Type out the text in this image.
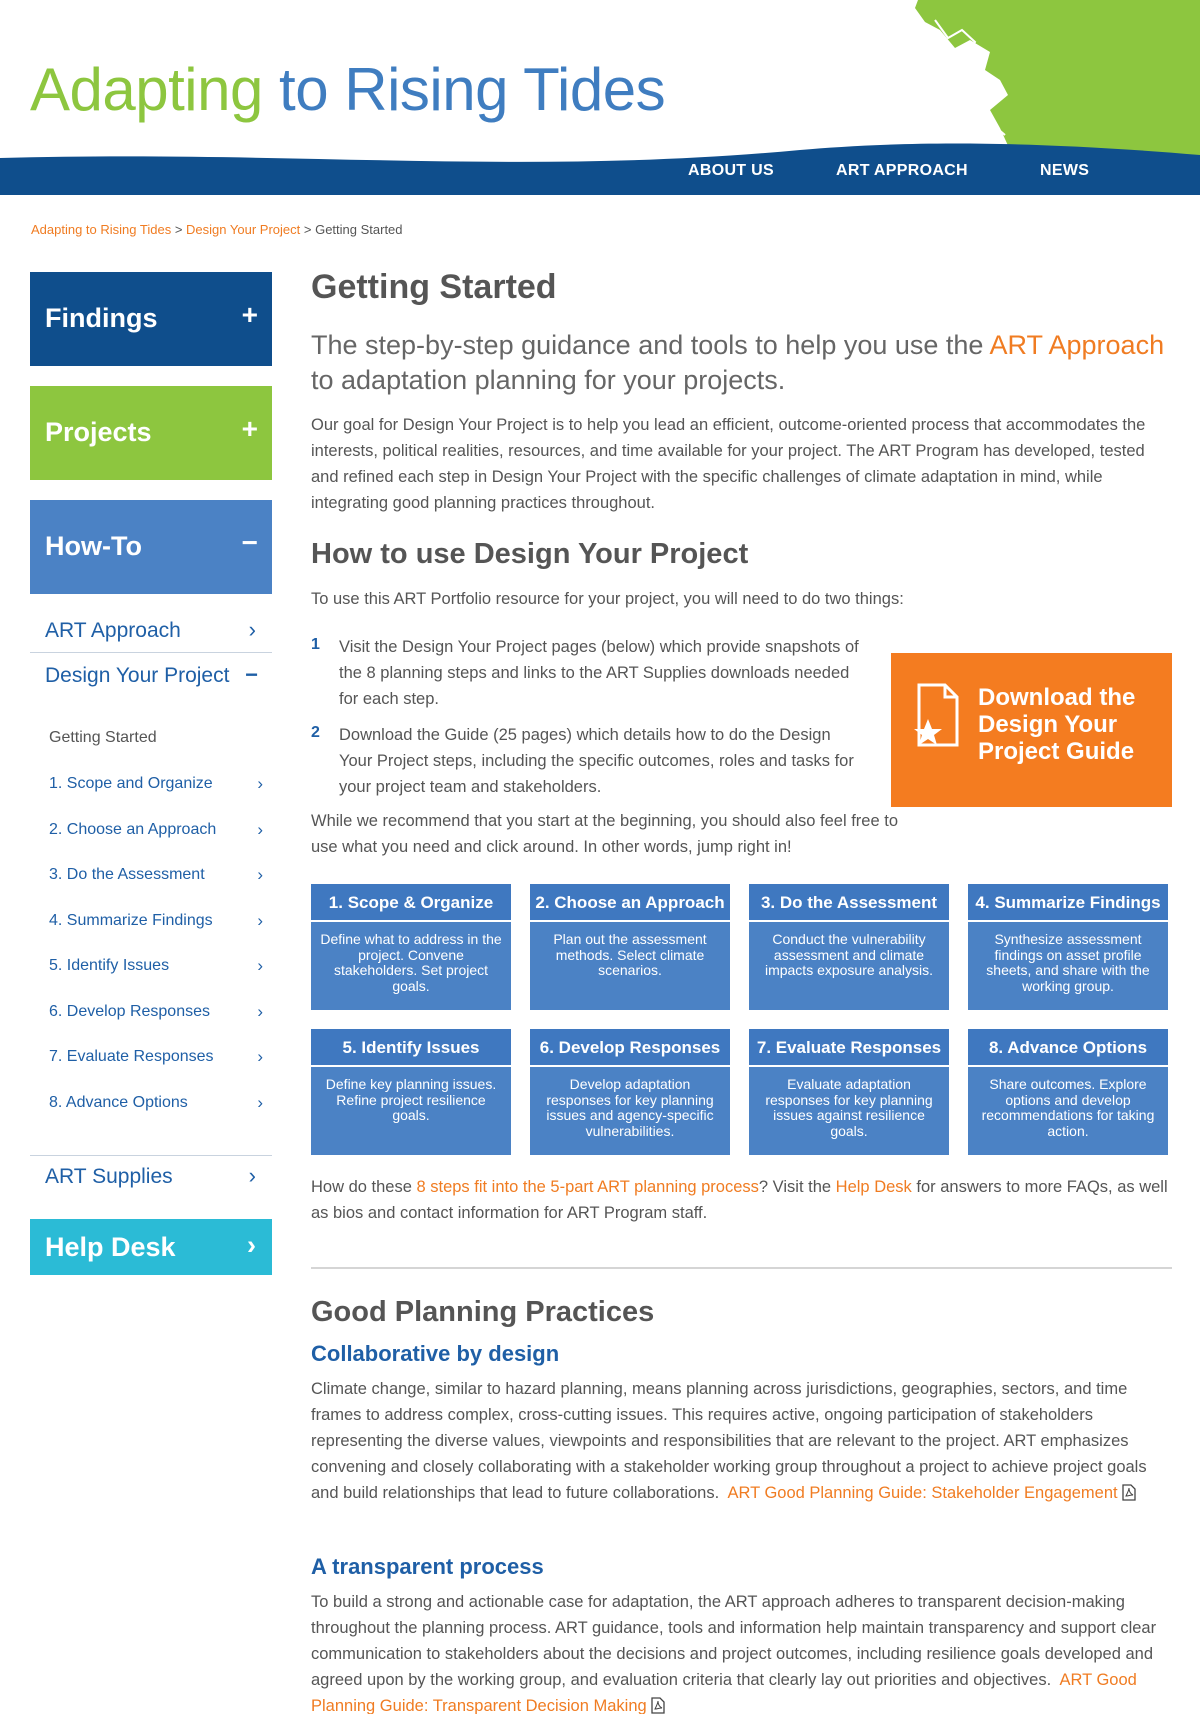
Adapting to Rising Tides
ABOUT US	ART APPROACH	NEWS
Adapting to Rising Tides > Design Your Project > Getting Started
Findings	+
Projects	+
How-To	−
ART Approach	›
Design Your Project −
Getting Started
1. Scope and Organize	›
2. Choose an Approach ›
3. Do the Assessment	›
4. Summarize Findings	›
5. Identify Issues	›
6. Develop Responses	›
7. Evaluate Responses	›
8. Advance Options	›
ART Supplies	›
Help Desk	›
Getting Started

The step-by-step guidance and tools to help you use the ART Approach to adaptation planning for your projects.

Our goal for Design Your Project is to help you lead an efficient, outcome-oriented process that accommodates the interests, political realities, resources, and time available for your project. The ART Program has developed, tested and refined each step in Design Your Project with the specific challenges of climate adaptation in mind, while integrating good planning practices throughout.

How to use Design Your Project

To use this ART Portfolio resource for your project, you will need to do two things:

1 Visit the Design Your Project pages (below) which provide snapshots of the 8 planning steps and links to the ART Supplies downloads needed for each step.

2 Download the Guide (25 pages) which details how to do the Design Your Project steps, including the specific outcomes, roles and tasks for your project team and stakeholders.

Download the Design Your Project Guide

While we recommend that you start at the beginning, you should also feel free to use what you need and click around. In other words, jump right in!

1. Scope & Organize
Define what to address in the project. Convene stakeholders. Set project goals.
2. Choose an Approach
Plan out the assessment methods. Select climate scenarios.
3. Do the Assessment
Conduct the vulnerability assessment and climate impacts exposure analysis.
4. Summarize Findings
Synthesize assessment findings on asset profile sheets, and share with the working group.
5. Identify Issues
Define key planning issues. Refine project resilience goals.
6. Develop Responses
Develop adaptation responses for key planning issues and agency-specific vulnerabilities.
7. Evaluate Responses
Evaluate adaptation responses for key planning issues against resilience goals.
8. Advance Options
Share outcomes. Explore options and develop recommendations for taking action.

How do these 8 steps fit into the 5-part ART planning process? Visit the Help Desk for answers to more FAQs, as well as bios and contact information for ART Program staff.

Good Planning Practices
Collaborative by design

Climate change, similar to hazard planning, means planning across jurisdictions, geographies, sectors, and time frames to address complex, cross-cutting issues. This requires active, ongoing participation of stakeholders representing the diverse values, viewpoints and responsibilities that are relevant to the project. ART emphasizes convening and closely collaborating with a stakeholder working group throughout a project to achieve project goals and build relationships that lead to future collaborations. ART Good Planning Guide: Stakeholder Engagement

A transparent process

To build a strong and actionable case for adaptation, the ART approach adheres to transparent decision-making throughout the planning process. ART guidance, tools and information help maintain transparency and support clear communication to stakeholders about the decisions and project outcomes, including resilience goals developed and agreed upon by the working group, and evaluation criteria that clearly lay out priorities and objectives. ART Good Planning Guide: Transparent Decision Making
